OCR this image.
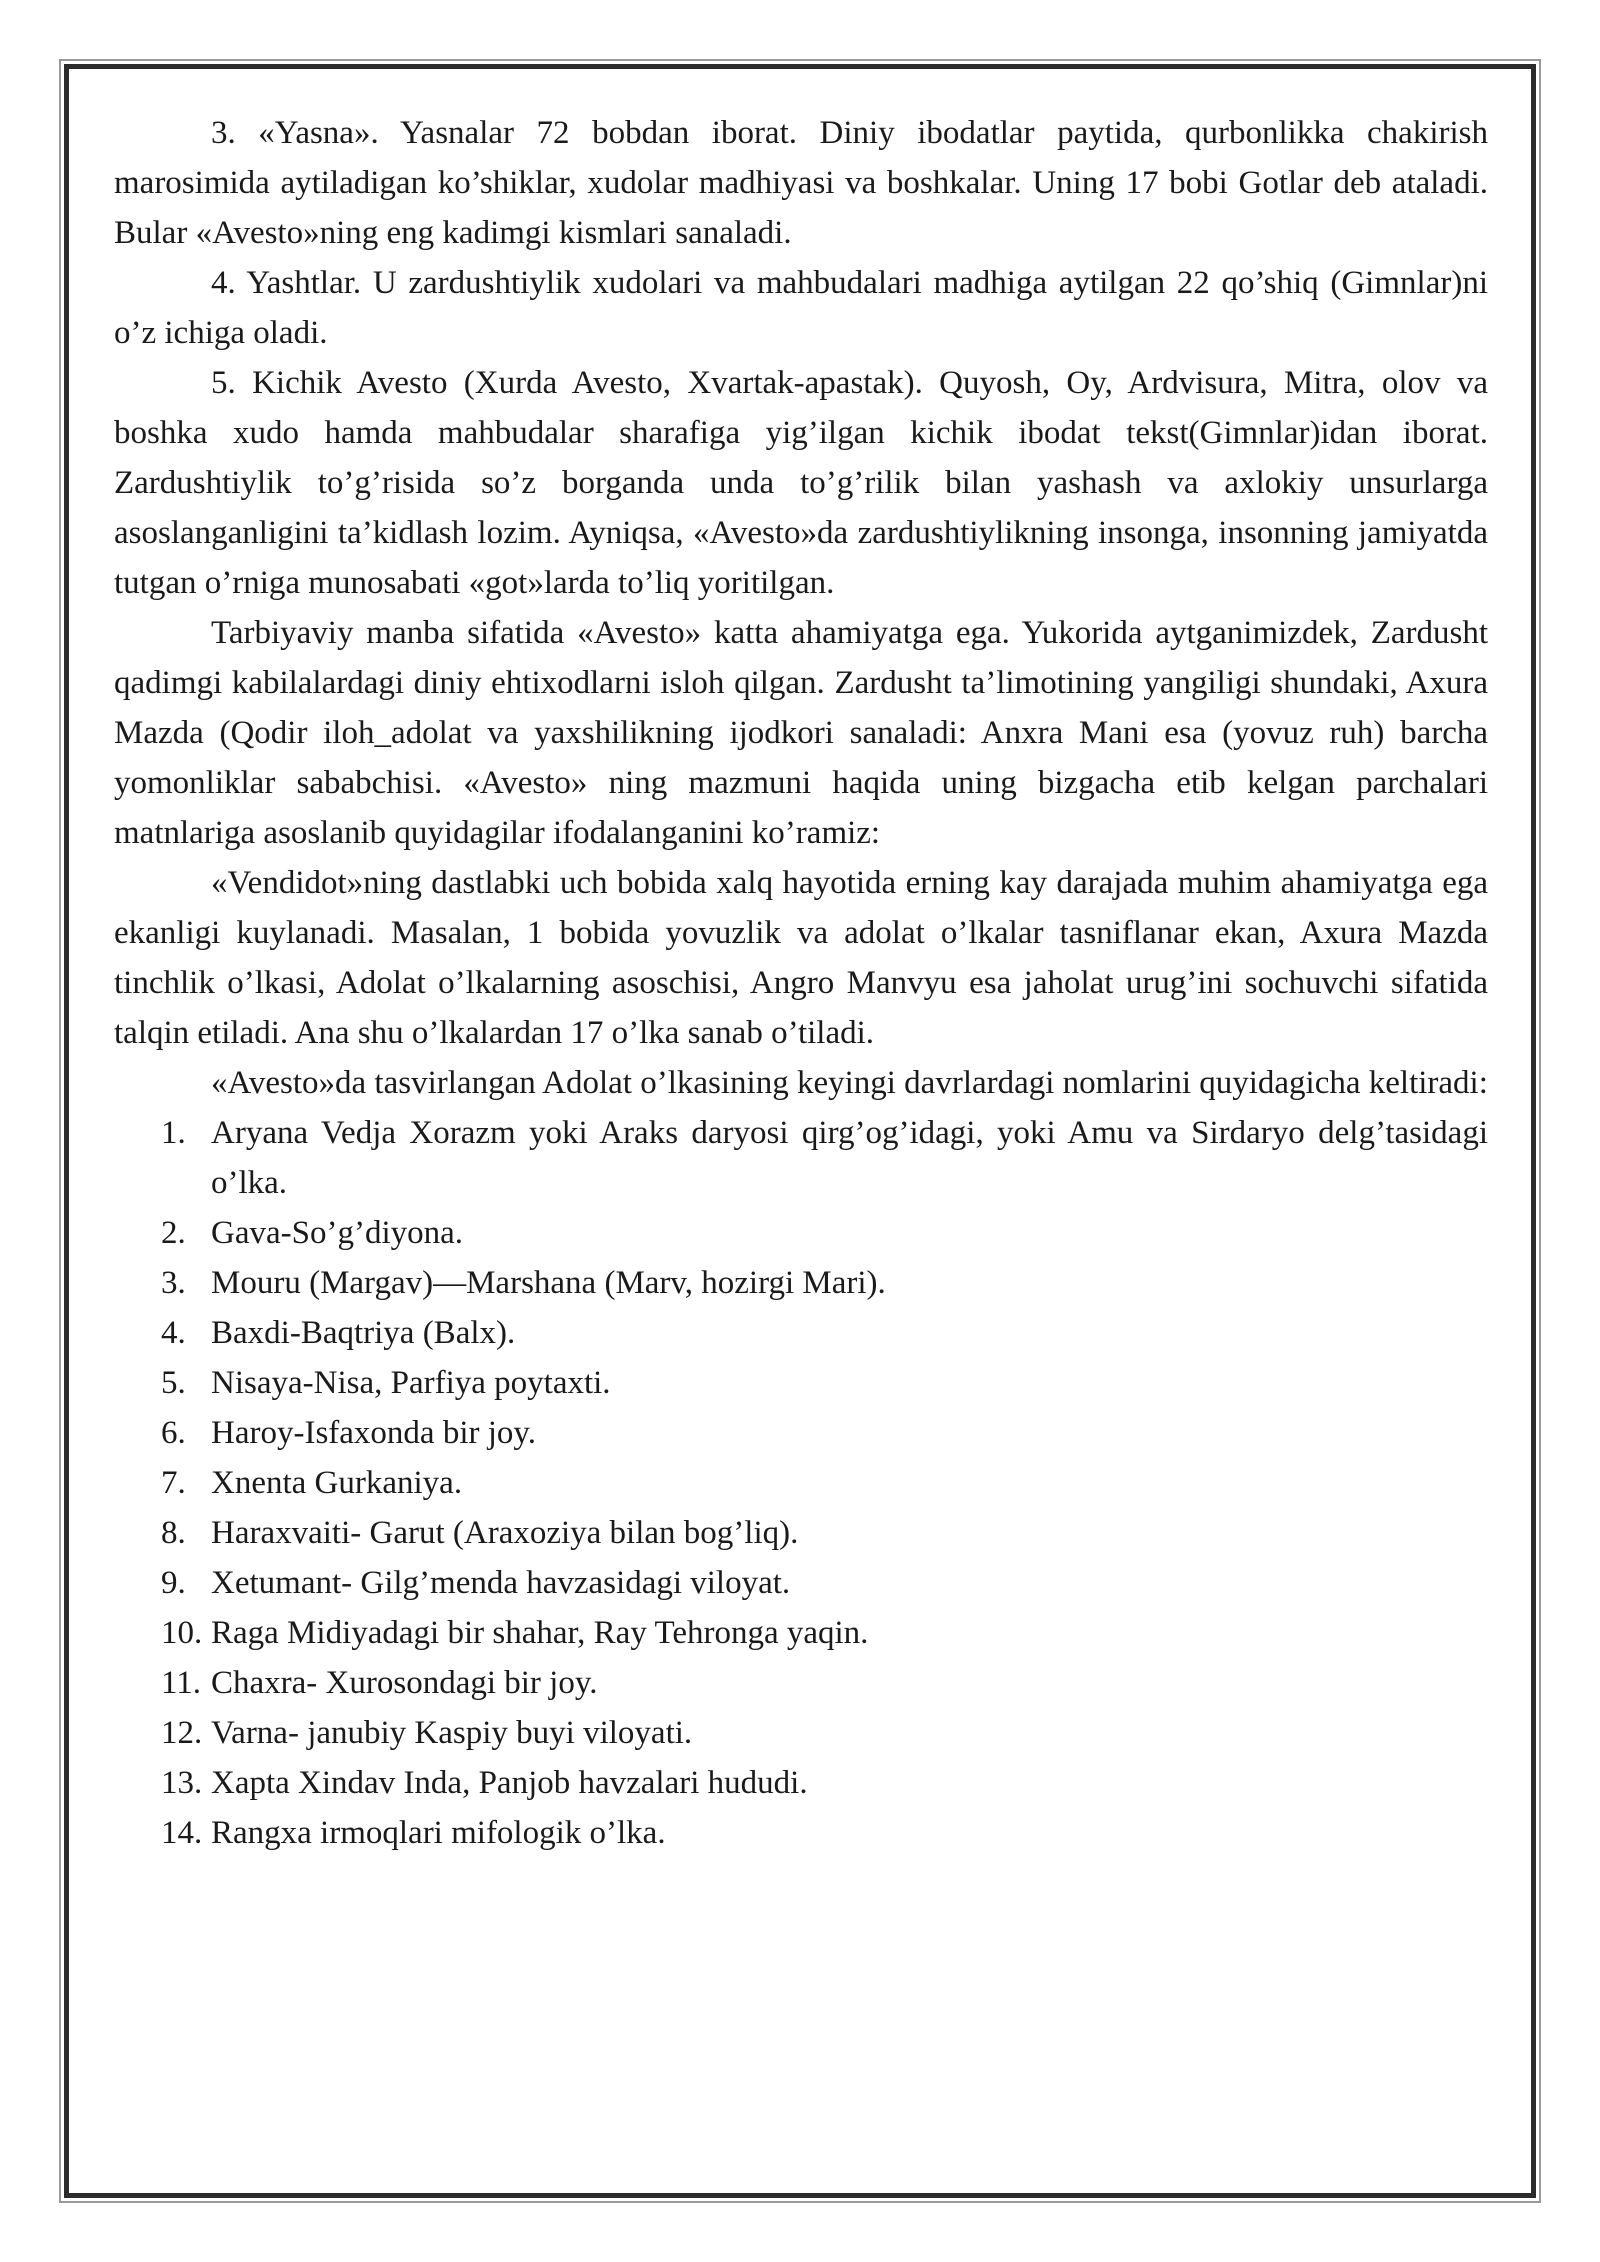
3. «Yasna». Yasnalar 72 bobdan iborat. Diniy ibodatlar paytida, qurbonlikka chakirish marosimida aytiladigan ko’shiklar, xudolar madhiyasi va boshkalar. Uning 17 bobi Gotlar deb ataladi. Bular «Avesto»ning eng kadimgi kismlari sanaladi.

4. Yashtlar. U zardushtiylik xudolari va mahbudalari madhiga aytilgan 22 qo’shiq (Gimnlar)ni o’z ichiga oladi.

5. Kichik Avesto (Xurda Avesto, Xvartak-apastak). Quyosh, Oy, Ardvisura, Mitra, olov va boshka xudo hamda mahbudalar sharafiga yig’ilgan kichik ibodat tekst(Gimnlar)idan iborat. Zardushtiylik to’g’risida so’z borganda unda to’g’rilik bilan yashash va axlokiy unsurlarga asoslanganligini ta’kidlash lozim. Ayniqsa, «Avesto»da zardushtiylikning insonga, insonning jamiyatda tutgan o’rniga munosabati «got»larda to’liq yoritilgan.

Tarbiyaviy manba sifatida «Avesto» katta ahamiyatga ega. Yukorida aytganimizdek, Zardusht qadimgi kabilalardagi diniy ehtixodlarni isloh qilgan. Zardusht ta’limotining yangiligi shundaki, Axura Mazda (Qodir iloh_adolat va yaxshilikning ijodkori sanaladi: Anxra Mani esa (yovuz ruh) barcha yomonliklar sababchisi. «Avesto» ning mazmuni haqida uning bizgacha etib kelgan parchalari matnlariga asoslanib quyidagilar ifodalanganini ko’ramiz:

«Vendidot»ning dastlabki uch bobida xalq hayotida erning kay darajada muhim ahamiyatga ega ekanligi kuylanadi. Masalan, 1 bobida yovuzlik va adolat o’lkalar tasniflanar ekan, Axura Mazda tinchlik o’lkasi, Adolat o’lkalarning asoschisi, Angro Manvyu esa jaholat urug’ini sochuvchi sifatida talqin etiladi. Ana shu o’lkalardan 17 o’lka sanab o’tiladi.

«Avesto»da tasvirlangan Adolat o’lkasining keyingi davrlardagi nomlarini quyidagicha keltiradi:

1. Aryana Vedja Xorazm yoki Araks daryosi qirg’og’idagi, yoki Amu va Sirdaryo delg’tasidagi o’lka.
2. Gava-So’g’diyona.
3. Mouru (Margav)—Marshana (Marv, hozirgi Mari).
4. Baxdi-Baqtriya (Balx).
5. Nisaya-Nisa, Parfiya poytaxti.
6. Haroy-Isfaxonda bir joy.
7. Xnenta Gurkaniya.
8. Haraxvaiti- Garut (Araxoziya bilan bog’liq).
9. Xetumant- Gilg’menda havzasidagi viloyat.
10. Raga Midiyadagi bir shahar, Ray Tehronga yaqin.
11. Chaxra- Xurosondagi bir joy.
12. Varna- janubiy Kaspiy buyi viloyati.
13. Xapta Xindav Inda, Panjob havzalari hududi.
14. Rangxa irmoqlari mifologik o’lka.
